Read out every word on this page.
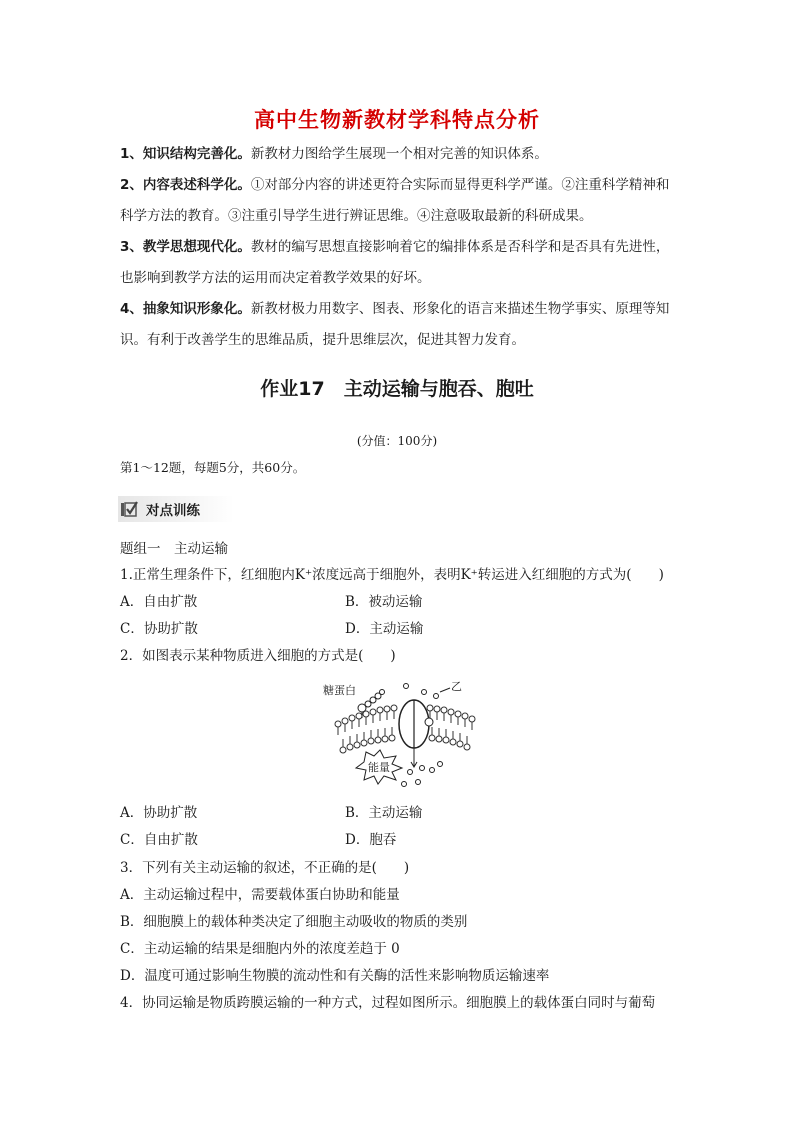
高中生物新教材学科特点分析
1、知识结构完善化。新教材力图给学生展现一个相对完善的知识体系。
2、内容表述科学化。①对部分内容的讲述更符合实际而显得更科学严谨。②注重科学精神和科学方法的教育。③注重引导学生进行辨证思维。④注意吸取最新的科研成果。
3、教学思想现代化。教材的编写思想直接影响着它的编排体系是否科学和是否具有先进性，也影响到教学方法的运用而决定着教学效果的好坏。
4、抽象知识形象化。新教材极力用数字、图表、形象化的语言来描述生物学事实、原理等知识。有利于改善学生的思维品质，提升思维层次，促进其智力发育。
作业17　主动运输与胞吞、胞吐
(分值：100分)
第1～12题，每题5分，共60分。
对点训练
题组一　主动运输
1.正常生理条件下，红细胞内K⁺浓度远高于细胞外，表明K⁺转运进入红细胞的方式为(　　)
A．自由扩散	B．被动运输
C．协助扩散	D．主动运输
2．如图表示某种物质进入细胞的方式是(　　)
糖蛋白	乙
能量
A．协助扩散	B．主动运输
C．自由扩散	D．胞吞
3．下列有关主动运输的叙述，不正确的是(　　)
A．主动运输过程中，需要载体蛋白协助和能量
B．细胞膜上的载体种类决定了细胞主动吸收的物质的类别
C．主动运输的结果是细胞内外的浓度差趋于 0
D．温度可通过影响生物膜的流动性和有关酶的活性来影响物质运输速率
4．协同运输是物质跨膜运输的一种方式，过程如图所示。细胞膜上的载体蛋白同时与葡萄
